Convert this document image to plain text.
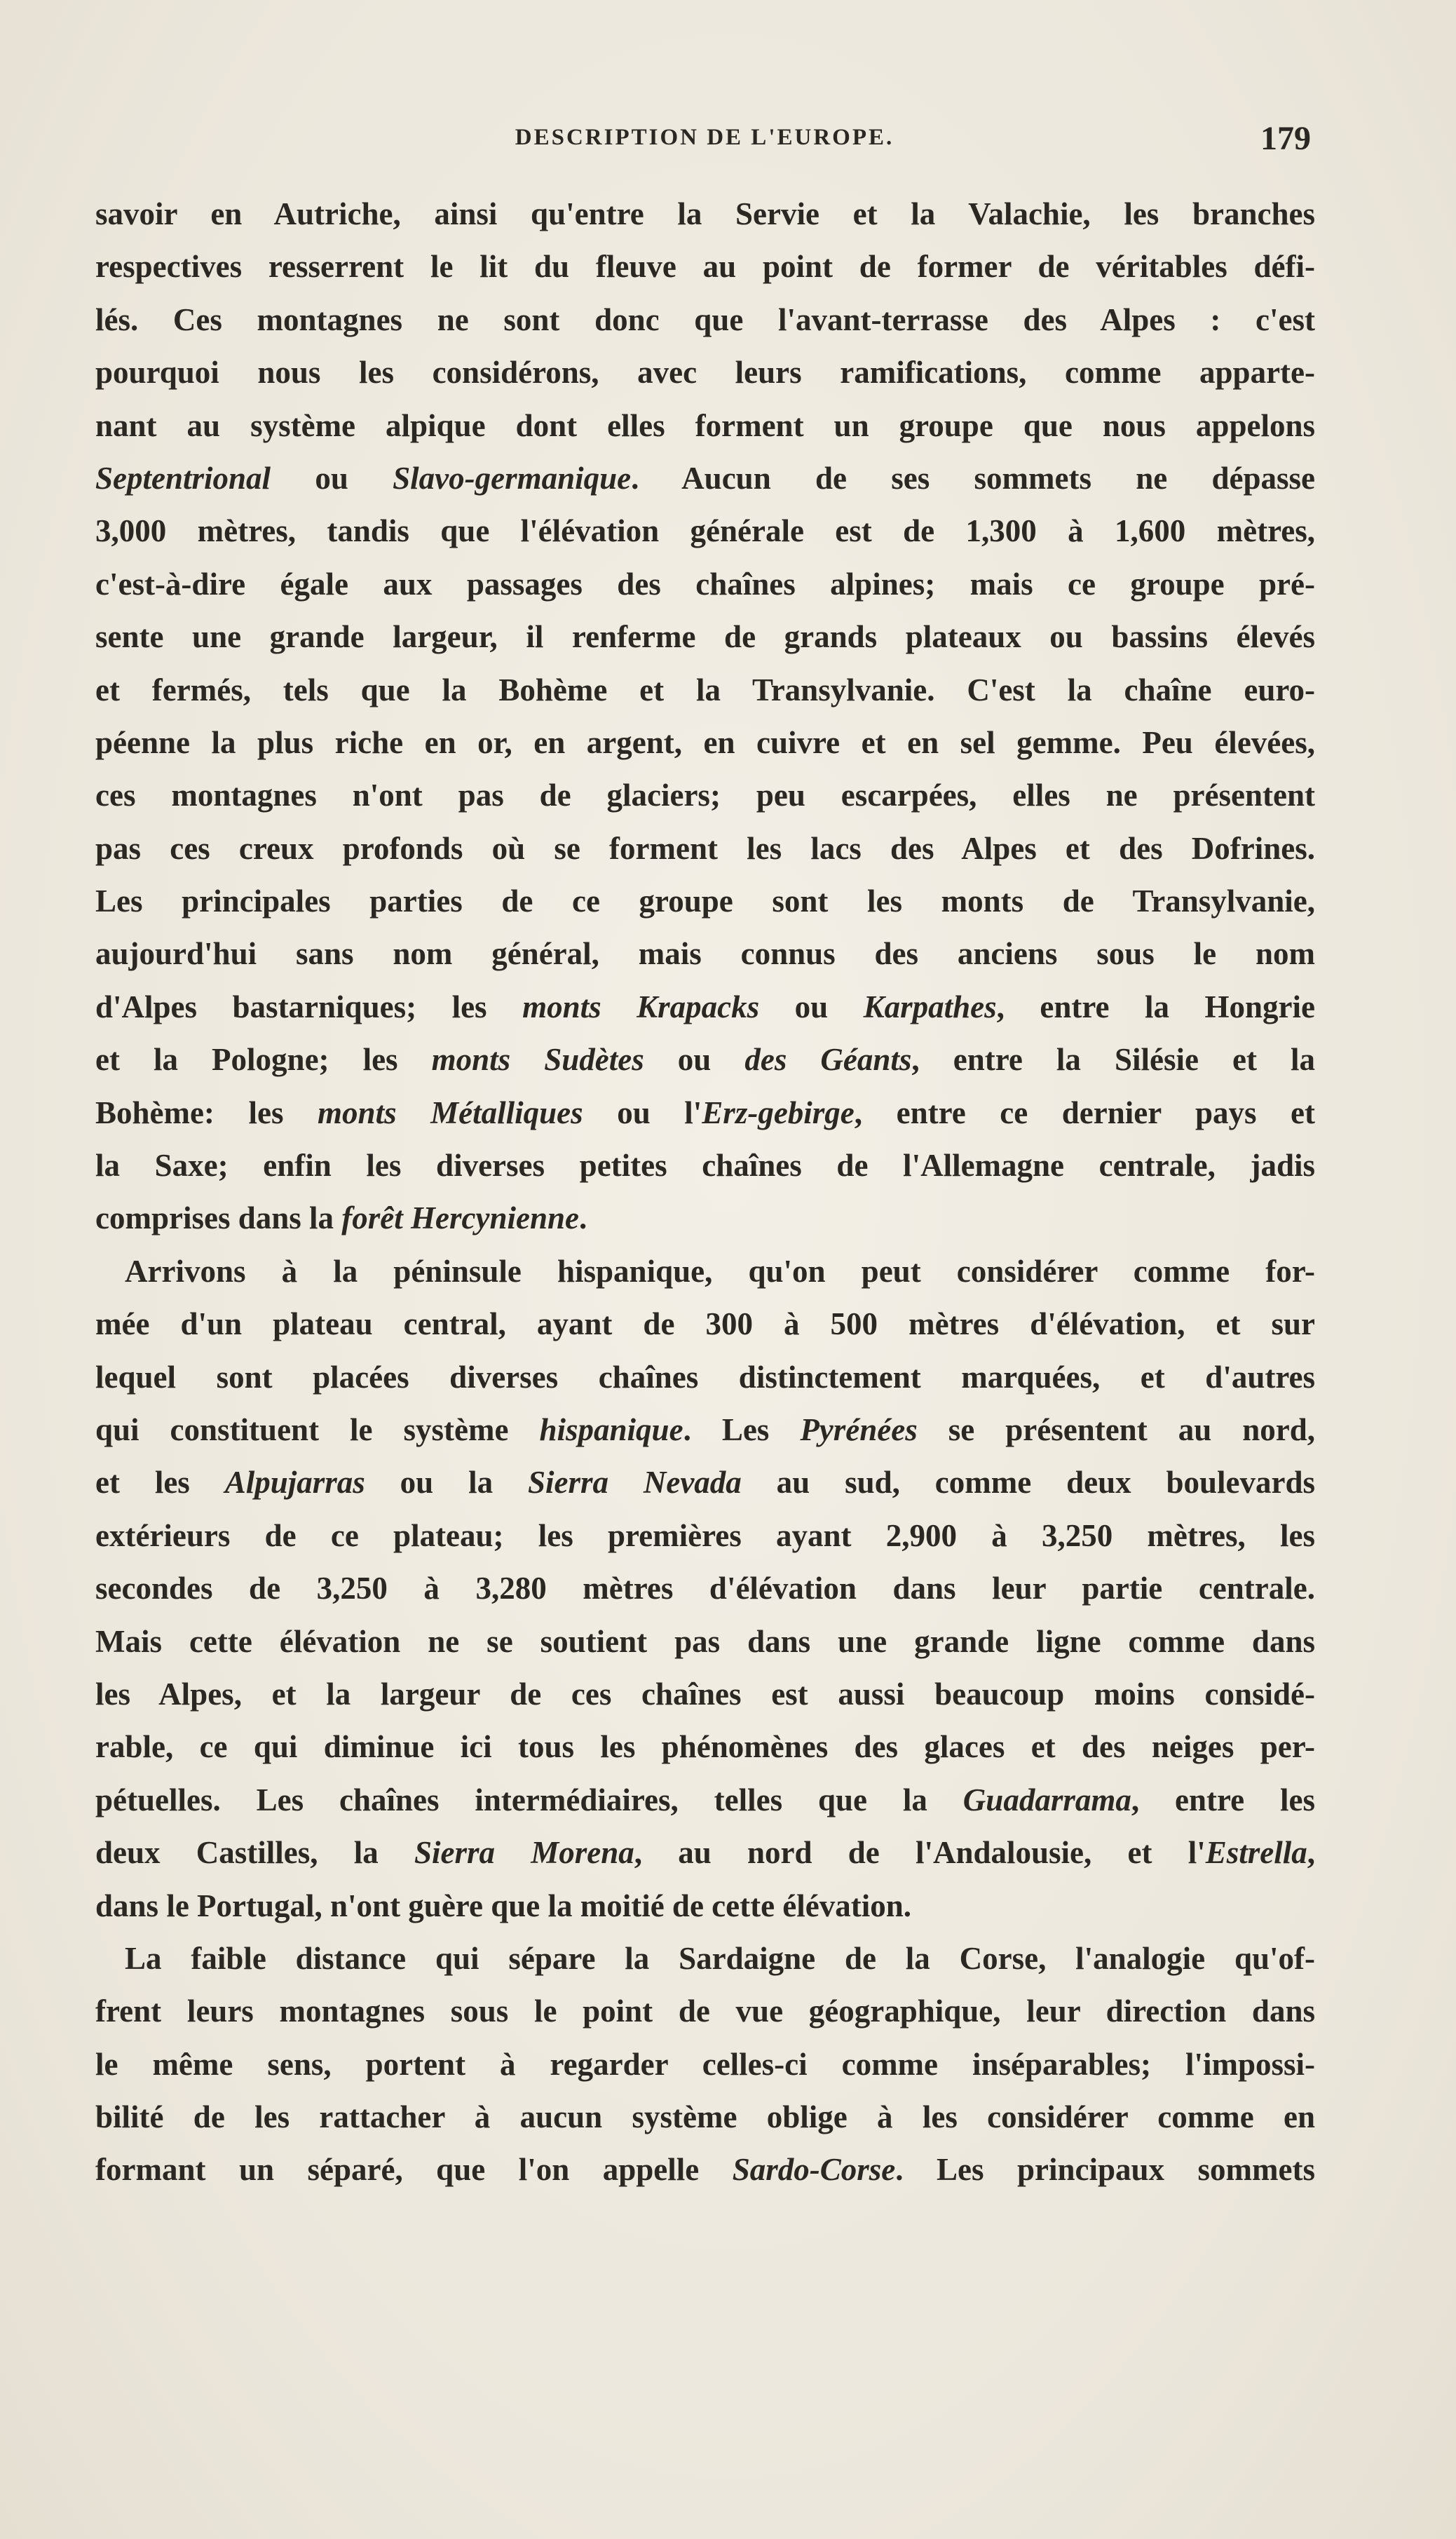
DESCRIPTION DE L'EUROPE.	179
savoir en Autriche, ainsi qu'entre la Servie et la Valachie, les branches
respectives resserrent le lit du fleuve au point de former de véritables défi-
lés. Ces montagnes ne sont donc que l'avant-terrasse des Alpes : c'est
pourquoi nous les considérons, avec leurs ramifications, comme apparte-
nant au système alpique dont elles forment un groupe que nous appelons
Septentrional ou Slavo-germanique. Aucun de ses sommets ne dépasse
3,000 mètres, tandis que l'élévation générale est de 1,300 à 1,600 mètres,
c'est-à-dire égale aux passages des chaînes alpines; mais ce groupe pré-
sente une grande largeur, il renferme de grands plateaux ou bassins élevés
et fermés, tels que la Bohème et la Transylvanie. C'est la chaîne euro-
péenne la plus riche en or, en argent, en cuivre et en sel gemme. Peu élevées,
ces montagnes n'ont pas de glaciers; peu escarpées, elles ne présentent
pas ces creux profonds où se forment les lacs des Alpes et des Dofrines.
Les principales parties de ce groupe sont les monts de Transylvanie,
aujourd'hui sans nom général, mais connus des anciens sous le nom
d'Alpes bastarniques; les monts Krapacks ou Karpathes, entre la Hongrie
et la Pologne; les monts Sudètes ou des Géants, entre la Silésie et la
Bohème: les monts Métalliques ou l'Erz-gebirge, entre ce dernier pays et
la Saxe; enfin les diverses petites chaînes de l'Allemagne centrale, jadis
comprises dans la forêt Hercynienne.
Arrivons à la péninsule hispanique, qu'on peut considérer comme for-
mée d'un plateau central, ayant de 300 à 500 mètres d'élévation, et sur
lequel sont placées diverses chaînes distinctement marquées, et d'autres
qui constituent le système hispanique. Les Pyrénées se présentent au nord,
et les Alpujarras ou la Sierra Nevada au sud, comme deux boulevards
extérieurs de ce plateau; les premières ayant 2,900 à 3,250 mètres, les
secondes de 3,250 à 3,280 mètres d'élévation dans leur partie centrale.
Mais cette élévation ne se soutient pas dans une grande ligne comme dans
les Alpes, et la largeur de ces chaînes est aussi beaucoup moins considé-
rable, ce qui diminue ici tous les phénomènes des glaces et des neiges per-
pétuelles. Les chaînes intermédiaires, telles que la Guadarrama, entre les
deux Castilles, la Sierra Morena, au nord de l'Andalousie, et l'Estrella,
dans le Portugal, n'ont guère que la moitié de cette élévation.
La faible distance qui sépare la Sardaigne de la Corse, l'analogie qu'of-
frent leurs montagnes sous le point de vue géographique, leur direction dans
le même sens, portent à regarder celles-ci comme inséparables; l'impossi-
bilité de les rattacher à aucun système oblige à les considérer comme en
formant un séparé, que l'on appelle Sardo-Corse. Les principaux sommets
